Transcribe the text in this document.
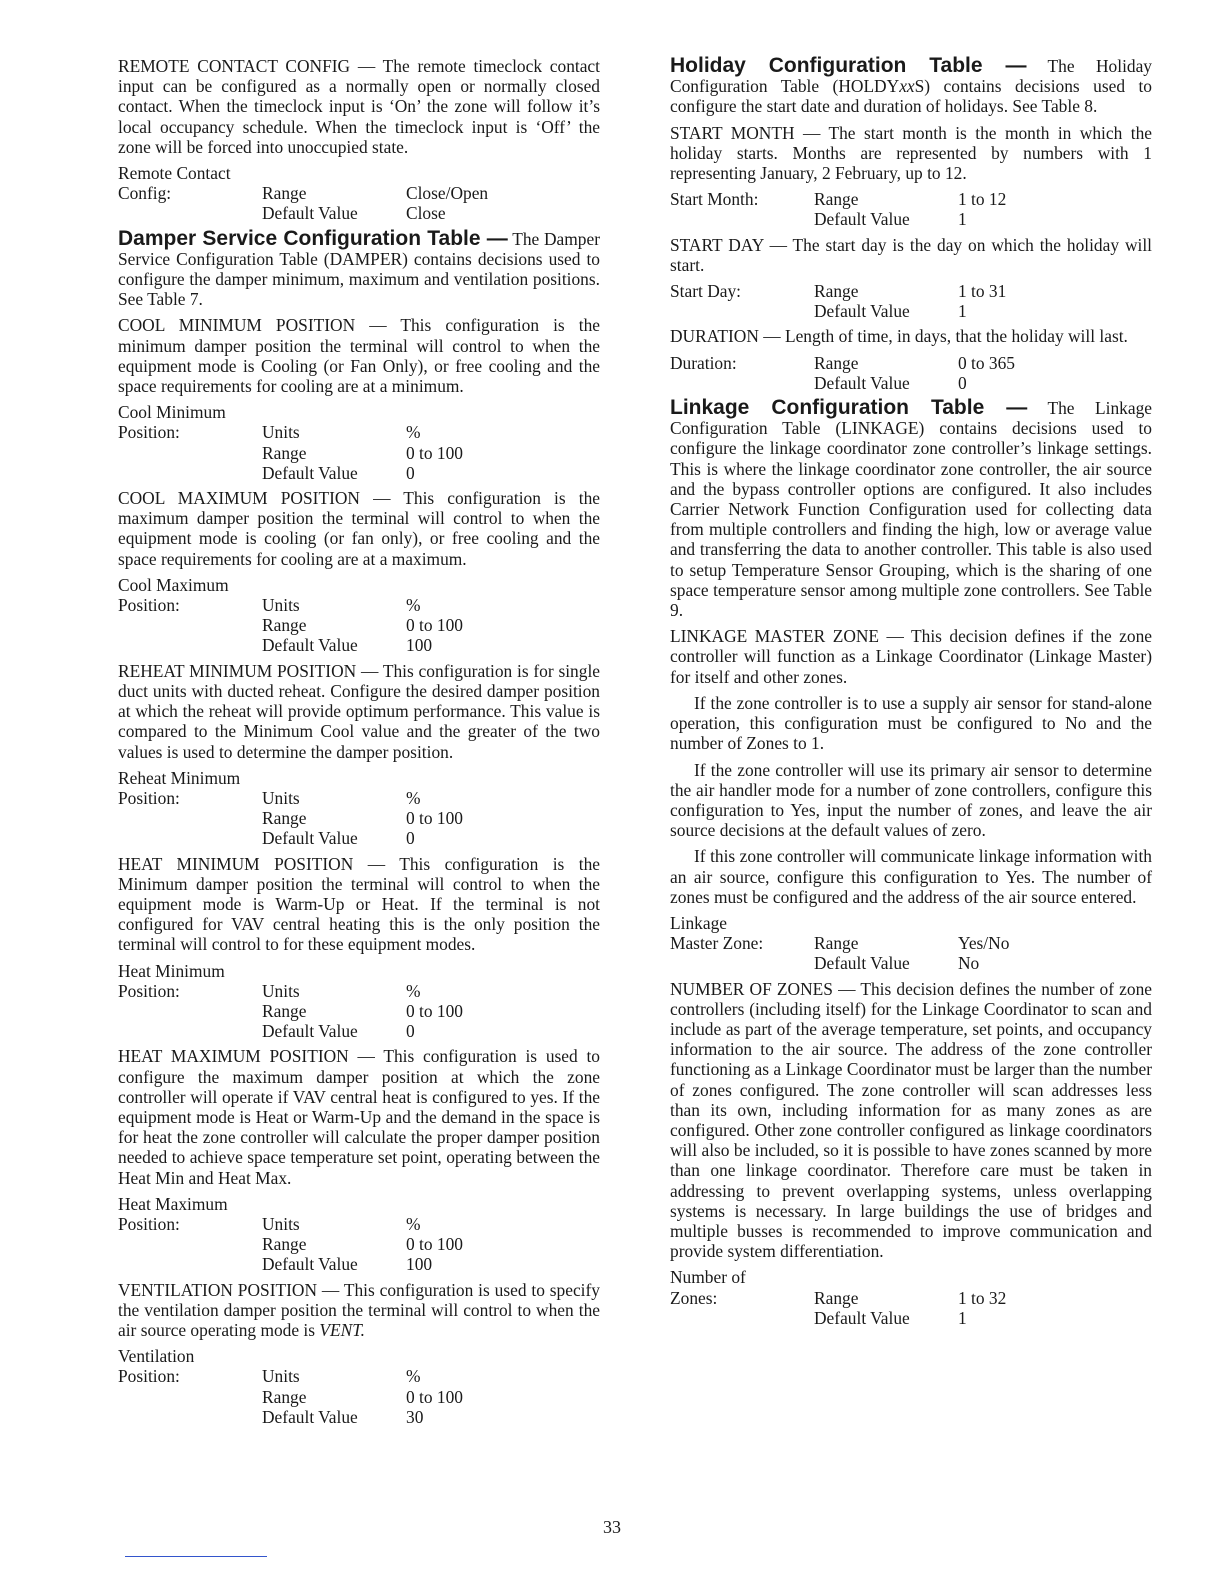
REMOTE CONTACT CONFIG — The remote timeclock contact input can be configured as a normally open or normally closed contact. When the timeclock input is ‘On’ the zone will follow it’s local occupancy schedule. When the timeclock input is ‘Off’ the zone will be forced into unoccupied state.

Remote Contact
Config:	Range	Close/Open
Default Value	Close

Damper Service Configuration Table — The Damper Service Configuration Table (DAMPER) contains decisions used to configure the damper minimum, maximum and ventilation positions. See Table 7.

COOL MINIMUM POSITION — This configuration is the minimum damper position the terminal will control to when the equipment mode is Cooling (or Fan Only), or free cooling and the space requirements for cooling are at a minimum.

Cool Minimum
Position:	Units	%
Range	0 to 100
Default Value	0

COOL MAXIMUM POSITION — This configuration is the maximum damper position the terminal will control to when the equipment mode is cooling (or fan only), or free cooling and the space requirements for cooling are at a maximum.

Cool Maximum
Position:	Units	%
Range	0 to 100
Default Value	100

REHEAT MINIMUM POSITION — This configuration is for single duct units with ducted reheat. Configure the desired damper position at which the reheat will provide optimum performance. This value is compared to the Minimum Cool value and the greater of the two values is used to determine the damper position.

Reheat Minimum
Position:	Units	%
Range	0 to 100
Default Value	0

HEAT MINIMUM POSITION — This configuration is the Minimum damper position the terminal will control to when the equipment mode is Warm-Up or Heat. If the terminal is not configured for VAV central heating this is the only position the terminal will control to for these equipment modes.

Heat Minimum
Position:	Units	%
Range	0 to 100
Default Value	0

HEAT MAXIMUM POSITION — This configuration is used to configure the maximum damper position at which the zone controller will operate if VAV central heat is configured to yes. If the equipment mode is Heat or Warm-Up and the demand in the space is for heat the zone controller will calculate the proper damper position needed to achieve space temperature set point, operating between the Heat Min and Heat Max.

Heat Maximum
Position:	Units	%
Range	0 to 100
Default Value	100

VENTILATION POSITION — This configuration is used to specify the ventilation damper position the terminal will control to when the air source operating mode is VENT.

Ventilation
Position:	Units	%
Range	0 to 100
Default Value	30

Holiday Configuration Table — The Holiday Configuration Table (HOLDYxxS) contains decisions used to configure the start date and duration of holidays. See Table 8.

START MONTH — The start month is the month in which the holiday starts. Months are represented by numbers with 1 representing January, 2 February, up to 12.

Start Month:	Range	1 to 12
Default Value	1

START DAY — The start day is the day on which the holiday will start.

Start Day:	Range	1 to 31
Default Value	1

DURATION — Length of time, in days, that the holiday will last.

Duration:	Range	0 to 365
Default Value	0

Linkage Configuration Table — The Linkage Configuration Table (LINKAGE) contains decisions used to configure the linkage coordinator zone controller’s linkage settings. This is where the linkage coordinator zone controller, the air source and the bypass controller options are configured. It also includes Carrier Network Function Configuration used for collecting data from multiple controllers and finding the high, low or average value and transferring the data to another controller. This table is also used to setup Temperature Sensor Grouping, which is the sharing of one space temperature sensor among multiple zone controllers. See Table 9.

LINKAGE MASTER ZONE — This decision defines if the zone controller will function as a Linkage Coordinator (Linkage Master) for itself and other zones.

If the zone controller is to use a supply air sensor for stand-alone operation, this configuration must be configured to No and the number of Zones to 1.

If the zone controller will use its primary air sensor to determine the air handler mode for a number of zone controllers, configure this configuration to Yes, input the number of zones, and leave the air source decisions at the default values of zero.

If this zone controller will communicate linkage information with an air source, configure this configuration to Yes. The number of zones must be configured and the address of the air source entered.

Linkage
Master Zone:	Range	Yes/No
Default Value	No

NUMBER OF ZONES — This decision defines the number of zone controllers (including itself) for the Linkage Coordinator to scan and include as part of the average temperature, set points, and occupancy information to the air source. The address of the zone controller functioning as a Linkage Coordinator must be larger than the number of zones configured. The zone controller will scan addresses less than its own, including information for as many zones as are configured. Other zone controller configured as linkage coordinators will also be included, so it is possible to have zones scanned by more than one linkage coordinator. Therefore care must be taken in addressing to prevent overlapping systems, unless overlapping systems is necessary. In large buildings the use of bridges and multiple busses is recommended to improve communication and provide system differentiation.

Number of
Zones:	Range	1 to 32
Default Value	1
33
